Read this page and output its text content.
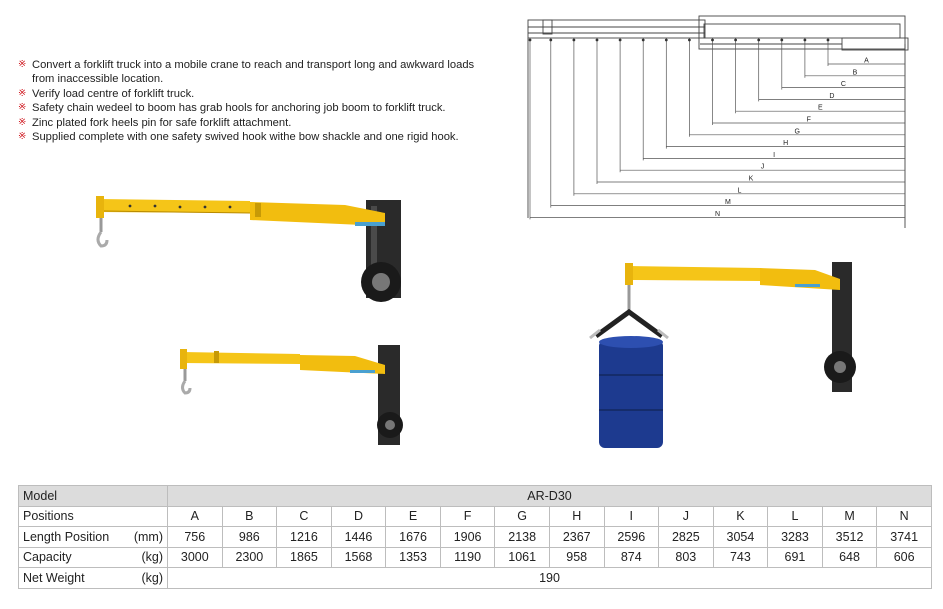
※ Convert a forklift truck into a mobile crane to reach and transport long and awkward loads from inaccessible location.
※ Verify load centre of forklift truck.
※ Safety chain wedeel to boom has grab hools for anchoring job boom to forklift truck.
※ Zinc plated fork heels pin for safe forklift attachment.
※ Supplied complete with one safety swived hook withe bow shackle and one rigid hook.
A
B
C
D
E
F
G
H
I
J
K
L
M
N
Model	AR-D30													
Positions	A	B	C	D	E	F	G	H	I	J	K	L	M	N

Length Position (mm)	756	986	1216	1446	1676	1906	2138	2367	2596	2825	3054	3283	3512	3741

Capacity (kg)	3000	2300	1865	1568	1353	1190	1061	958	874	803	743	691	648	606

Net Weight (kg)	190													
